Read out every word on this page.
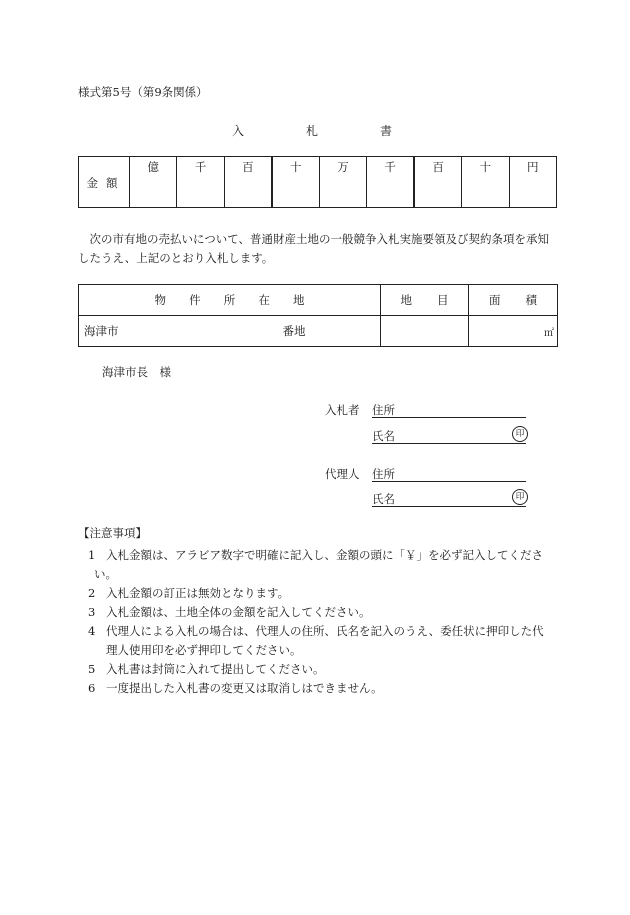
様式第5号（第9条関係）
入	札	書
金額	億	千	百	十	万	千	百	十	円
次の市有地の売払いについて、普通財産土地の一般競争入札実施要領及び契約条項を承知したうえ、上記のとおり入札します。
物 件 所 在 地	地 目	面 積

海津市 番地		㎡
海津市長　様
入札者 住所
氏名	印
代理人 住所
氏名	印
【注意事項】
1 入札金額は、アラビア数字で明確に記入し、金額の頭に「￥」を必ず記入してくださ
い。
2 入札金額の訂正は無効となります。
3 入札金額は、土地全体の金額を記入してください。
4 代理人による入札の場合は、代理人の住所、氏名を記入のうえ、委任状に押印した代
理人使用印を必ず押印してください。
5 入札書は封筒に入れて提出してください。
6 一度提出した入札書の変更又は取消しはできません。
